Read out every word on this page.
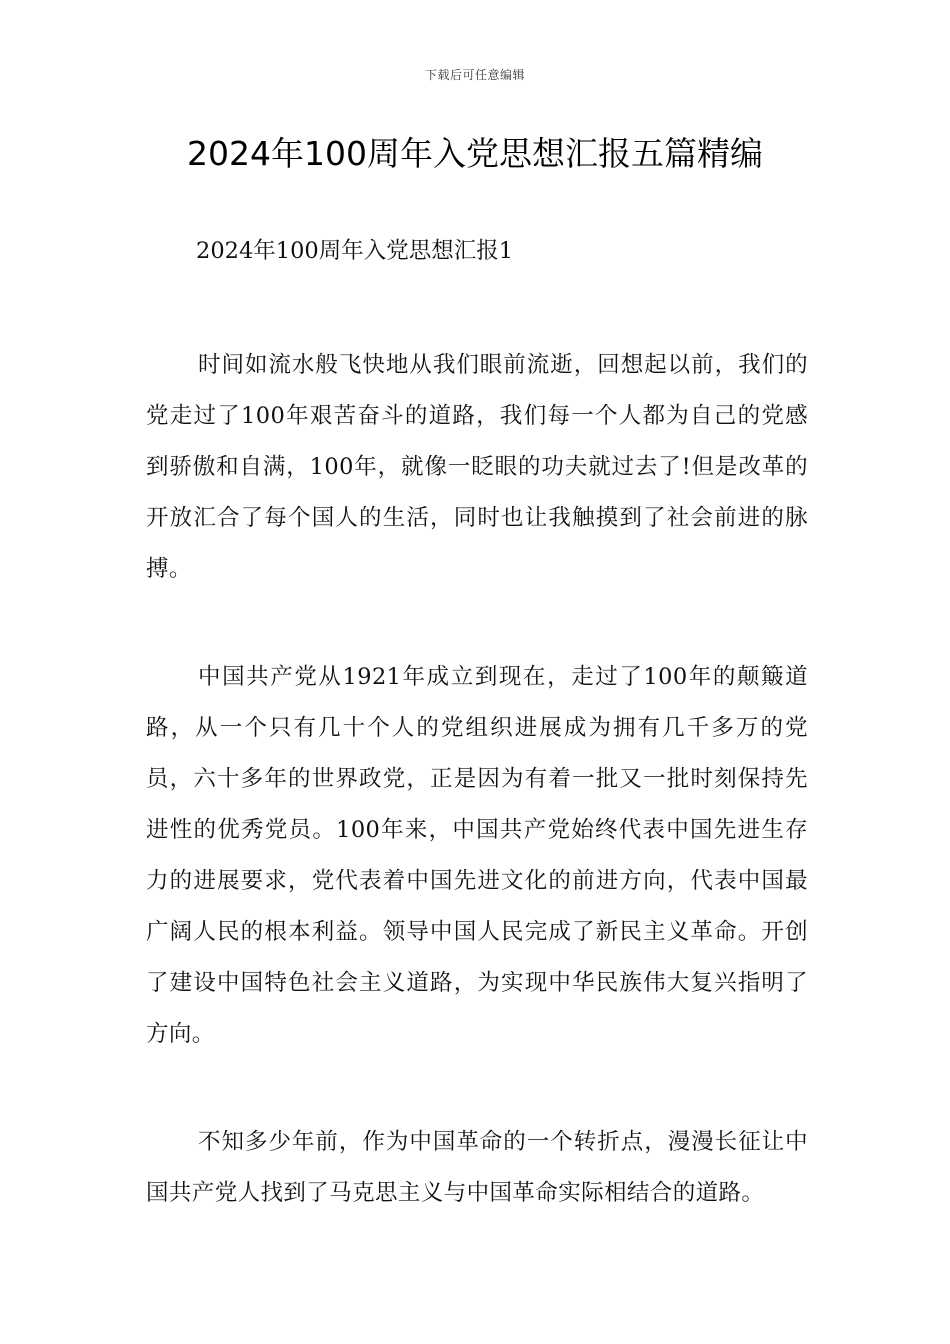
下载后可任意编辑
2024年100周年入党思想汇报五篇精编

2024年100周年入党思想汇报1

时间如流水般飞快地从我们眼前流逝，回想起以前，我们的党走过了100年艰苦奋斗的道路，我们每一个人都为自己的党感到骄傲和自满，100年，就像一眨眼的功夫就过去了!但是改革的开放汇合了每个国人的生活，同时也让我触摸到了社会前进的脉搏。

中国共产党从1921年成立到现在，走过了100年的颠簸道路，从一个只有几十个人的党组织进展成为拥有几千多万的党员，六十多年的世界政党，正是因为有着一批又一批时刻保持先进性的优秀党员。100年来，中国共产党始终代表中国先进生存力的进展要求，党代表着中国先进文化的前进方向，代表中国最广阔人民的根本利益。领导中国人民完成了新民主义革命。开创了建设中国特色社会主义道路，为实现中华民族伟大复兴指明了方向。

不知多少年前，作为中国革命的一个转折点，漫漫长征让中国共产党人找到了马克思主义与中国革命实际相结合的道路。
